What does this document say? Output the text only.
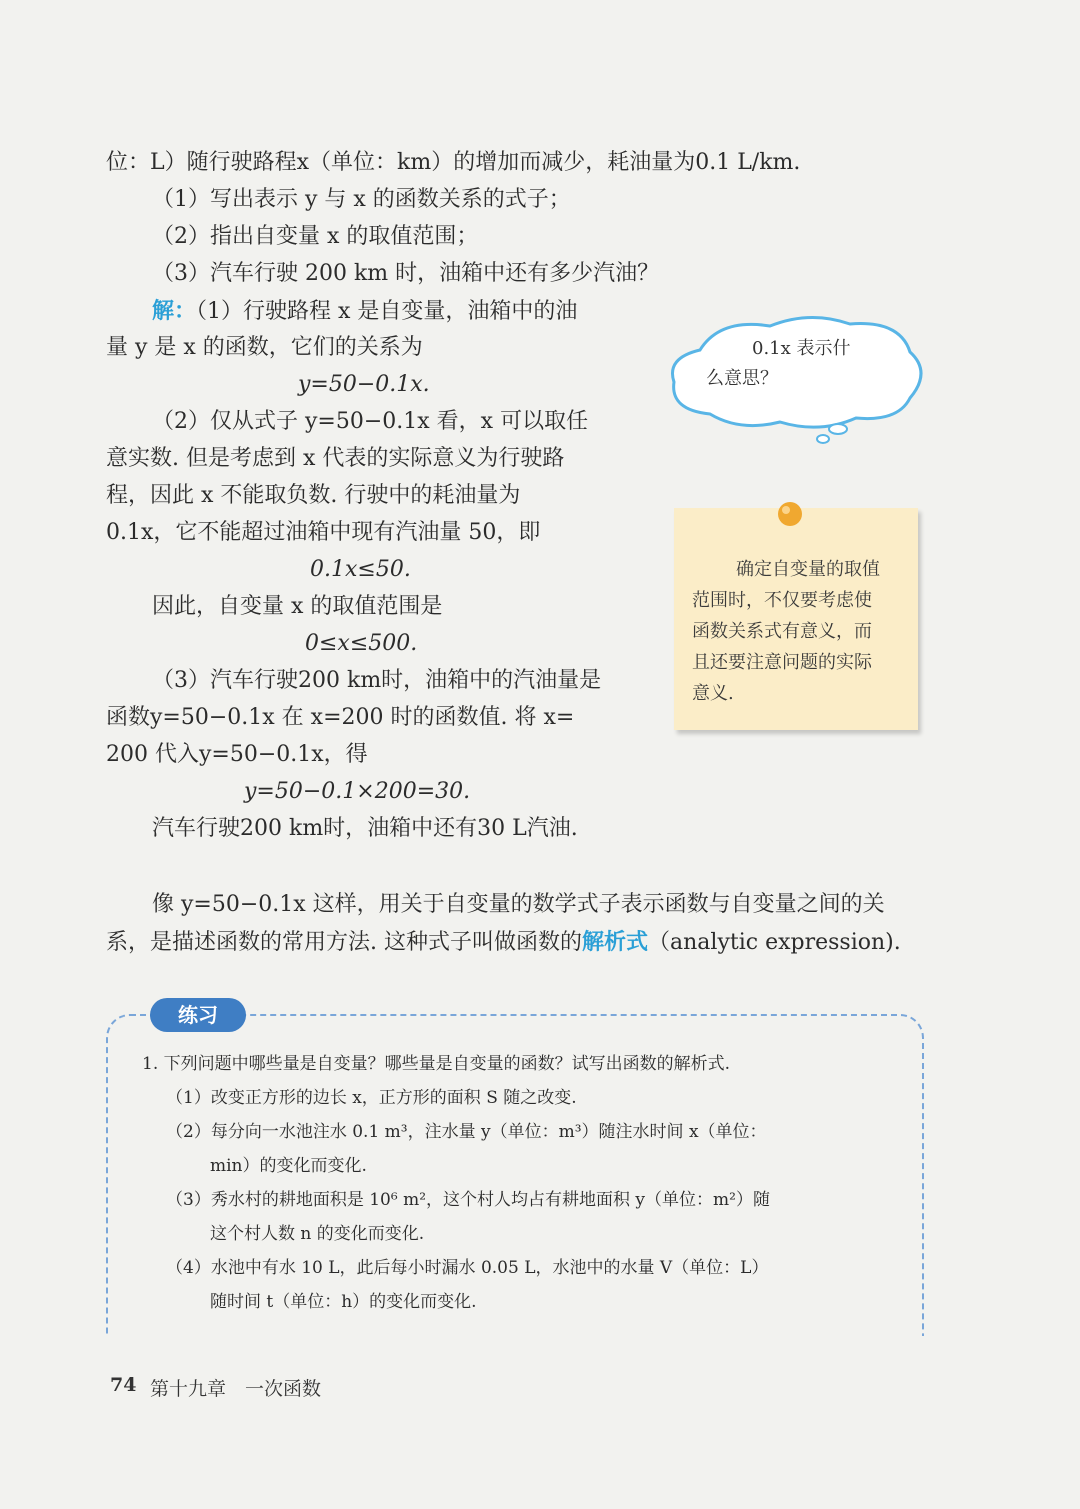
位：L）随行驶路程x（单位：km）的增加而减少，耗油量为0.1 L/km.
（1）写出表示 y 与 x 的函数关系的式子；
（2）指出自变量 x 的取值范围；
（3）汽车行驶 200 km 时，油箱中还有多少汽油？
解：（1）行驶路程 x 是自变量，油箱中的油
量 y 是 x 的函数，它们的关系为
y=50−0.1x.
（2）仅从式子 y=50−0.1x 看，x 可以取任
意实数. 但是考虑到 x 代表的实际意义为行驶路
程，因此 x 不能取负数. 行驶中的耗油量为
0.1x，它不能超过油箱中现有汽油量 50，即
0.1x≤50.
因此，自变量 x 的取值范围是
0≤x≤500.
（3）汽车行驶200 km时，油箱中的汽油量是
函数y=50−0.1x 在 x=200 时的函数值. 将 x=
200 代入y=50−0.1x，得
y=50−0.1×200=30.
汽车行驶200 km时，油箱中还有30 L汽油.
0.1x 表示什
么意思？
确定自变量的取值
范围时，不仅要考虑使
函数关系式有意义，而
且还要注意问题的实际
意义.
像 y=50−0.1x 这样，用关于自变量的数学式子表示函数与自变量之间的关
系，是描述函数的常用方法. 这种式子叫做函数的解析式（analytic expression).
练习
1. 下列问题中哪些量是自变量？哪些量是自变量的函数？试写出函数的解析式.
（1）改变正方形的边长 x，正方形的面积 S 随之改变.
（2）每分向一水池注水 0.1 m³，注水量 y（单位：m³）随注水时间 x（单位：
min）的变化而变化.
（3）秀水村的耕地面积是 10⁶ m²，这个村人均占有耕地面积 y（单位：m²）随
这个村人数 n 的变化而变化.
（4）水池中有水 10 L，此后每小时漏水 0.05 L，水池中的水量 V（单位：L）
随时间 t（单位：h）的变化而变化.
74 第十九章　一次函数
